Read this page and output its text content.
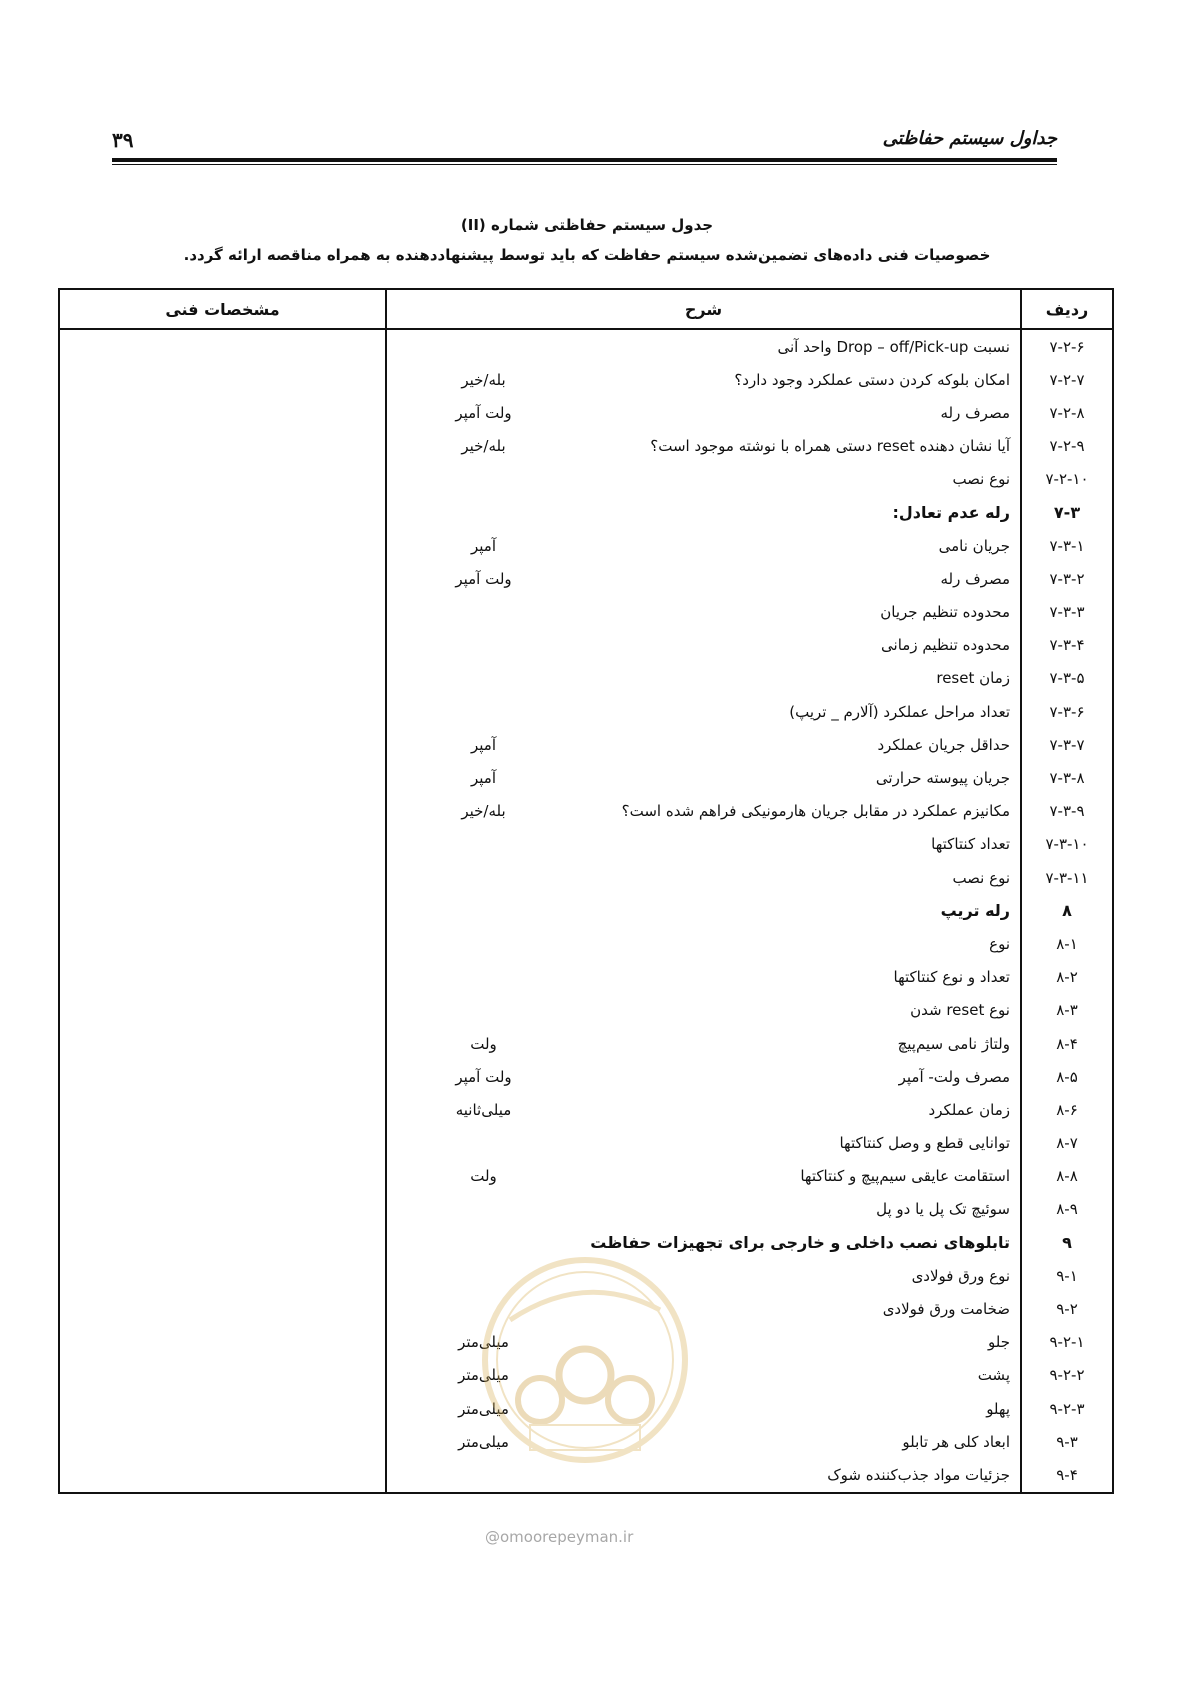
جداول سیستم حفاظتی
۳۹
جدول سیستم حفاظتی شماره (II)
خصوصیات فنی داده‌های تضمین‌شده سیستم حفاظت که باید توسط پیشنهاددهنده به همراه مناقصه ارائه گردد.
ردیف	شرح		مشخصات فنی
۷-۲-۶	نسبت Drop – off/Pick-up واحد آنی		
۷-۲-۷	امکان بلوکه کردن دستی عملکرد وجود دارد؟	بله/خیر	
۷-۲-۸	مصرف رله	ولت آمپر	
۷-۲-۹	آیا نشان دهنده reset دستی همراه با نوشته موجود است؟	بله/خیر	
۷-۲-۱۰	نوع نصب		
۷-۳	رله عدم تعادل:		
۷-۳-۱	جریان نامی	آمپر	
۷-۳-۲	مصرف رله	ولت آمپر	
۷-۳-۳	محدوده تنظیم جریان		
۷-۳-۴	محدوده تنظیم زمانی		
۷-۳-۵	زمان reset		
۷-۳-۶	تعداد مراحل عملکرد (آلارم _ تریپ)		
۷-۳-۷	حداقل جریان عملکرد	آمپر	
۷-۳-۸	جریان پیوسته حرارتی	آمپر	
۷-۳-۹	مکانیزم عملکرد در مقابل جریان هارمونیکی فراهم شده است؟	بله/خیر	
۷-۳-۱۰	تعداد کنتاکتها		
۷-۳-۱۱	نوع نصب		
۸	رله تریپ		
۸-۱	نوع		
۸-۲	تعداد و نوع کنتاکتها		
۸-۳	نوع reset شدن		
۸-۴	ولتاژ نامی سیم‌پیچ	ولت	
۸-۵	مصرف ولت- آمپر	ولت آمپر	
۸-۶	زمان عملکرد	میلی‌ثانیه	
۸-۷	توانایی قطع و وصل کنتاکتها		
۸-۸	استقامت عایقی سیم‌پیچ و کنتاکتها	ولت	
۸-۹	سوئیچ تک پل یا دو پل		
۹	تابلوهای نصب داخلی و خارجی برای تجهیزات حفاظت		
۹-۱	نوع ورق فولادی		
۹-۲	ضخامت ورق فولادی		
۹-۲-۱	جلو	میلی‌متر	
۹-۲-۲	پشت	میلی‌متر	
۹-۲-۳	پهلو	میلی‌متر	
۹-۳	ابعاد کلی هر تابلو	میلی‌متر	
۹-۴	جزئیات مواد جذب‌کننده شوک		
@omoorepeyman.ir
